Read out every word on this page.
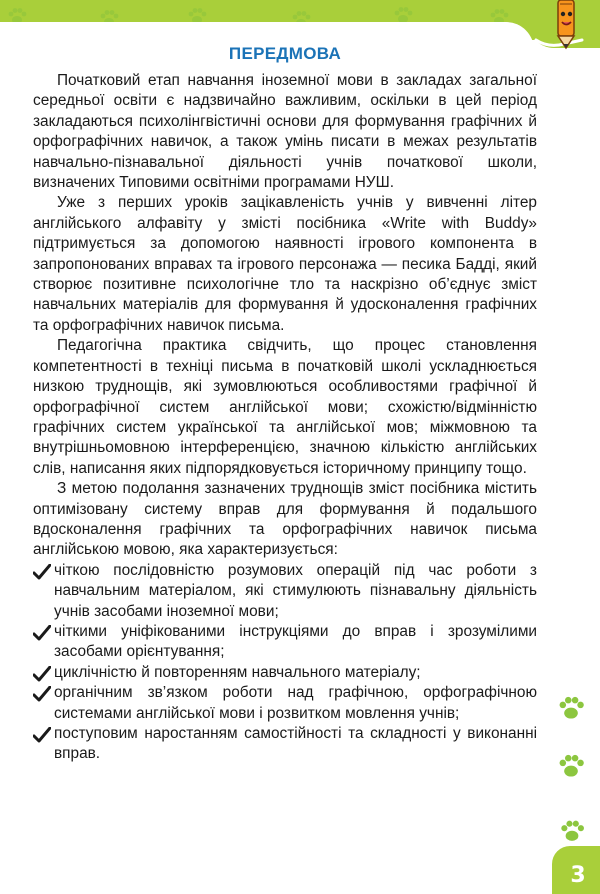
ПЕРЕДМОВА

Початковий етап навчання іноземної мови в закладах загальної середньої освіти є надзвичайно важливим, оскільки в цей період закладаються психолінгвістичні основи для формування графічних й орфографічних навичок, а також умінь писати в межах результатів навчально-пізнавальної діяльності учнів початкової школи, визначених Типовими освітніми програмами НУШ.

Уже з перших уроків зацікавленість учнів у вивченні літер англійського алфавіту у змісті посібника «Write with Buddy» підтримується за допомогою наявності ігрового компонента в запропонованих вправах та ігрового персонажа — песика Бадді, який створює позитивне психологічне тло та наскрізно об’єднує зміст навчальних матеріалів для формування й удосконалення графічних та орфографічних навичок письма.

Педагогічна практика свідчить, що процес становлення компетентності в техніці письма в початковій школі ускладнюється низкою труднощів, які зумовлюються особливостями графічної й орфографічної систем англійської мови; схожістю/відмінністю графічних систем української та англійської мов; міжмовною та внутрішньомовною інтерференцією, значною кількістю англійських слів, написання яких підпорядковується історичному принципу тощо.

З метою подолання зазначених труднощів зміст посібника містить оптимізовану систему вправ для формування й подальшого вдосконалення графічних та орфографічних навичок письма англійською мовою, яка характеризується:

чіткою послідовністю розумових операцій під час роботи з навчальним матеріалом, які стимулюють пізнавальну діяльність учнів засобами іноземної мови;
чіткими уніфікованими інструкціями до вправ і зрозумілими засобами орієнтування;
циклічністю й повторенням навчального матеріалу;
органічним зв’язком роботи над графічною, орфографічною системами англійської мови і розвитком мовлення учнів;
поступовим наростанням самостійності та складності у виконанні вправ.
3
